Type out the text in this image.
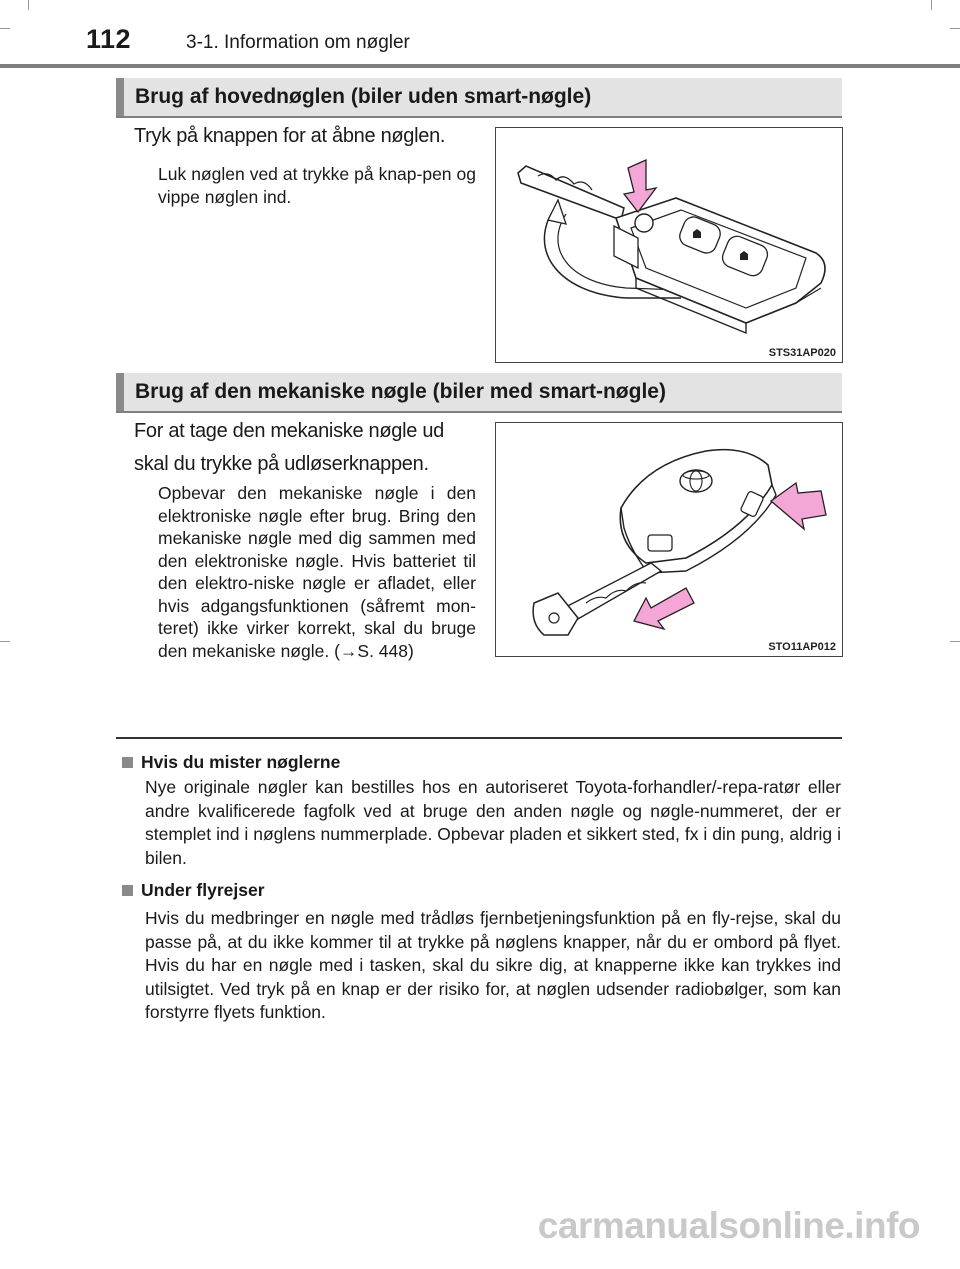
112	3-1. Information om nøgler
Brug af hovednøglen (biler uden smart-nøgle)
Tryk på knappen for at åbne nøglen.
Luk nøglen ved at trykke på knap-pen og vippe nøglen ind.
STS31AP020
Brug af den mekaniske nøgle (biler med smart-nøgle)
For at tage den mekaniske nøgle ud skal du trykke på udløserknappen.
Opbevar den mekaniske nøgle i den elektroniske nøgle efter brug. Bring den mekaniske nøgle med dig sammen med den elektroniske nøgle. Hvis batteriet til den elektro-niske nøgle er afladet, eller hvis adgangsfunktionen (såfremt mon-teret) ikke virker korrekt, skal du bruge den mekaniske nøgle. (→S. 448)	STO11AP012
Hvis du mister nøglerne
Nye originale nøgler kan bestilles hos en autoriseret Toyota-forhandler/-repa-ratør eller andre kvalificerede fagfolk ved at bruge den anden nøgle og nøgle-nummeret, der er stemplet ind i nøglens nummerplade. Opbevar pladen et sikkert sted, fx i din pung, aldrig i bilen.
Under flyrejser
Hvis du medbringer en nøgle med trådløs fjernbetjeningsfunktion på en fly-rejse, skal du passe på, at du ikke kommer til at trykke på nøglens knapper, når du er ombord på flyet. Hvis du har en nøgle med i tasken, skal du sikre dig, at knapperne ikke kan trykkes ind utilsigtet. Ved tryk på en knap er der risiko for, at nøglen udsender radiobølger, som kan forstyrre flyets funktion.
carmanualsonline.info
